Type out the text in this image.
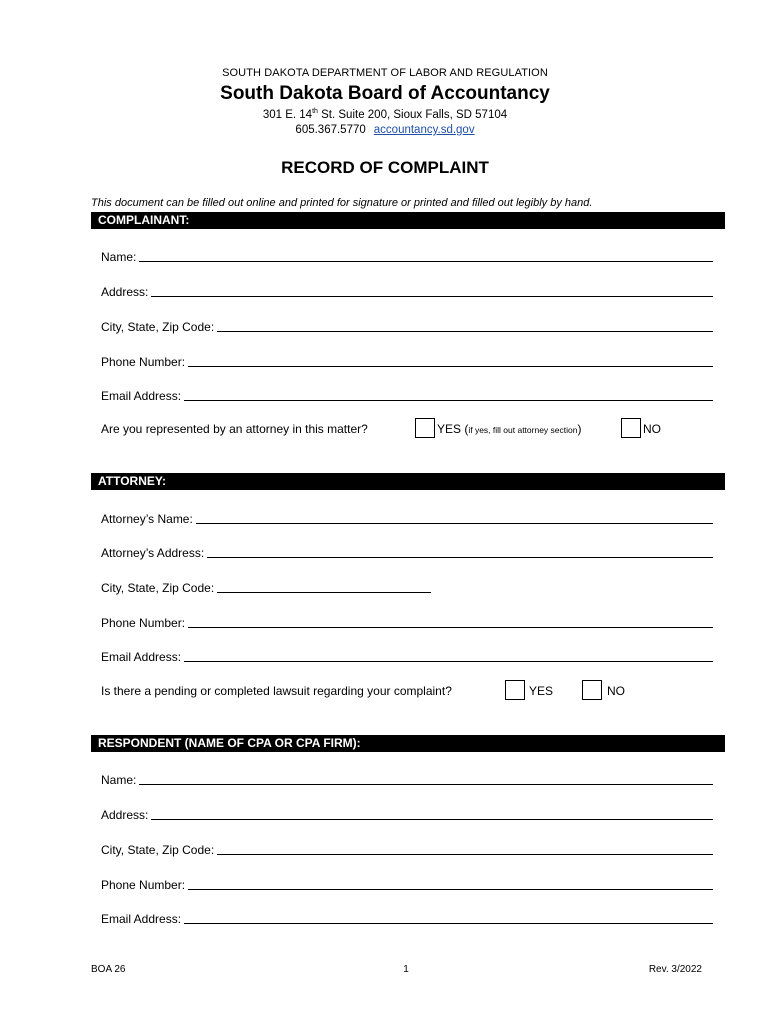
SOUTH DAKOTA DEPARTMENT OF LABOR AND REGULATION
South Dakota Board of Accountancy
301 E. 14th St. Suite 200, Sioux Falls, SD 57104
605.367.5770 accountancy.sd.gov
RECORD OF COMPLAINT
This document can be filled out online and printed for signature or printed and filled out legibly by hand.
COMPLAINANT:
Name:
Address:
City, State, Zip Code:
Phone Number:
Email Address:
Are you represented by an attorney in this matter?	YES (if yes, fill out attorney section)	NO
ATTORNEY:
Attorney’s Name:
Attorney’s Address:
City, State, Zip Code:
Phone Number:
Email Address:
Is there a pending or completed lawsuit regarding your complaint?	YES	NO
RESPONDENT (NAME OF CPA OR CPA FIRM):
Name:
Address:
City, State, Zip Code:
Phone Number:
Email Address:
BOA 26	1	Rev. 3/2022
